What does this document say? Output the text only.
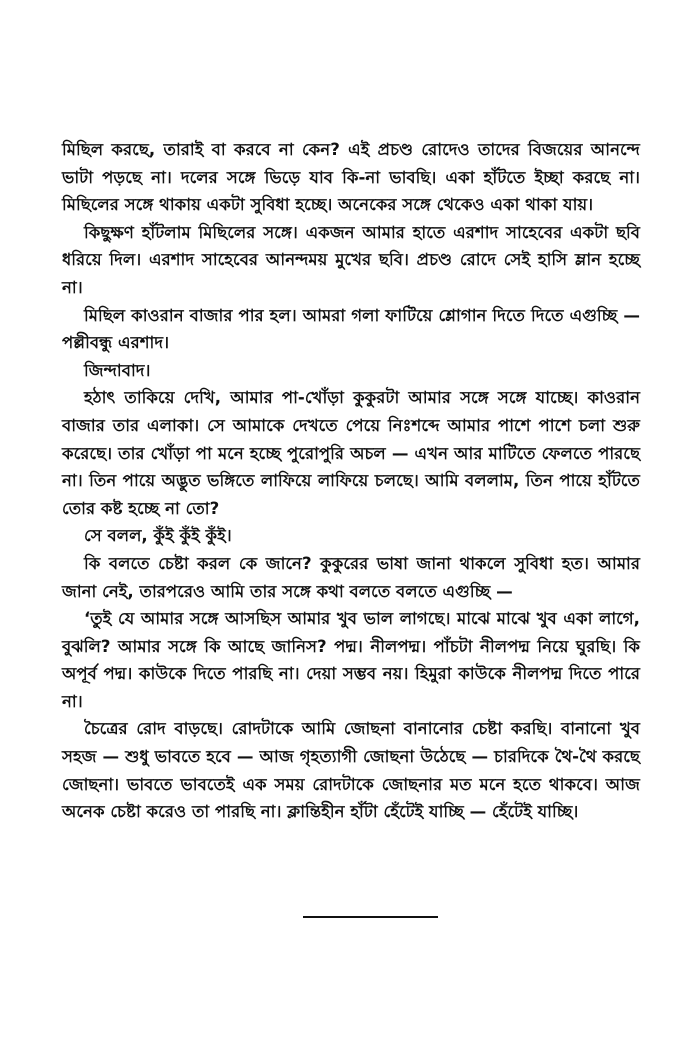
মিছিল করছে, তারাই বা করবে না কেন? এই প্রচণ্ড রোদেও তাদের বিজয়ের আনন্দে ভাটা পড়ছে না। দলের সঙ্গে ভিড়ে যাব কি-না ভাবছি। একা হাঁটতে ইচ্ছা করছে না। মিছিলের সঙ্গে থাকায় একটা সুবিধা হচ্ছে। অনেকের সঙ্গে থেকেও একা থাকা যায়।

কিছুক্ষণ হাঁটলাম মিছিলের সঙ্গে। একজন আমার হাতে এরশাদ সাহেবের একটা ছবি ধরিয়ে দিল। এরশাদ সাহেবের আনন্দময় মুখের ছবি। প্রচণ্ড রোদে সেই হাসি ম্লান হচ্ছে না।

মিছিল কাওরান বাজার পার হল। আমরা গলা ফাটিয়ে শ্লোগান দিতে দিতে এগুচ্ছি — পল্লীবন্ধু এরশাদ।

জিন্দাবাদ।

হঠাৎ তাকিয়ে দেখি, আমার পা-খোঁড়া কুকুরটা আমার সঙ্গে সঙ্গে যাচ্ছে। কাওরান বাজার তার এলাকা। সে আমাকে দেখতে পেয়ে নিঃশব্দে আমার পাশে পাশে চলা শুরু করেছে। তার খোঁড়া পা মনে হচ্ছে পুরোপুরি অচল — এখন আর মাটিতে ফেলতে পারছে না। তিন পায়ে অদ্ভুত ভঙ্গিতে লাফিয়ে লাফিয়ে চলছে। আমি বললাম, তিন পায়ে হাঁটতে তোর কষ্ট হচ্ছে না তো?

সে বলল, কুঁই কুঁই কুঁই।

কি বলতে চেষ্টা করল কে জানে? কুকুরের ভাষা জানা থাকলে সুবিধা হত। আমার জানা নেই, তারপরেও আমি তার সঙ্গে কথা বলতে বলতে এগুচ্ছি —

‘তুই যে আমার সঙ্গে আসছিস আমার খুব ভাল লাগছে। মাঝে মাঝে খুব একা লাগে, বুঝলি? আমার সঙ্গে কি আছে জানিস? পদ্ম। নীলপদ্ম। পাঁচটা নীলপদ্ম নিয়ে ঘুরছি। কি অপূর্ব পদ্ম। কাউকে দিতে পারছি না। দেয়া সম্ভব নয়। হিমুরা কাউকে নীলপদ্ম দিতে পারে না।

চৈত্রের রোদ বাড়ছে। রোদটাকে আমি জোছনা বানানোর চেষ্টা করছি। বানানো খুব সহজ — শুধু ভাবতে হবে — আজ গৃহত্যাগী জোছনা উঠেছে — চারদিকে থৈ-থৈ করছে জোছনা। ভাবতে ভাবতেই এক সময় রোদটাকে জোছনার মত মনে হতে থাকবে। আজ অনেক চেষ্টা করেও তা পারছি না। ক্লান্তিহীন হাঁটা হেঁটেই যাচ্ছি — হেঁটেই যাচ্ছি।
